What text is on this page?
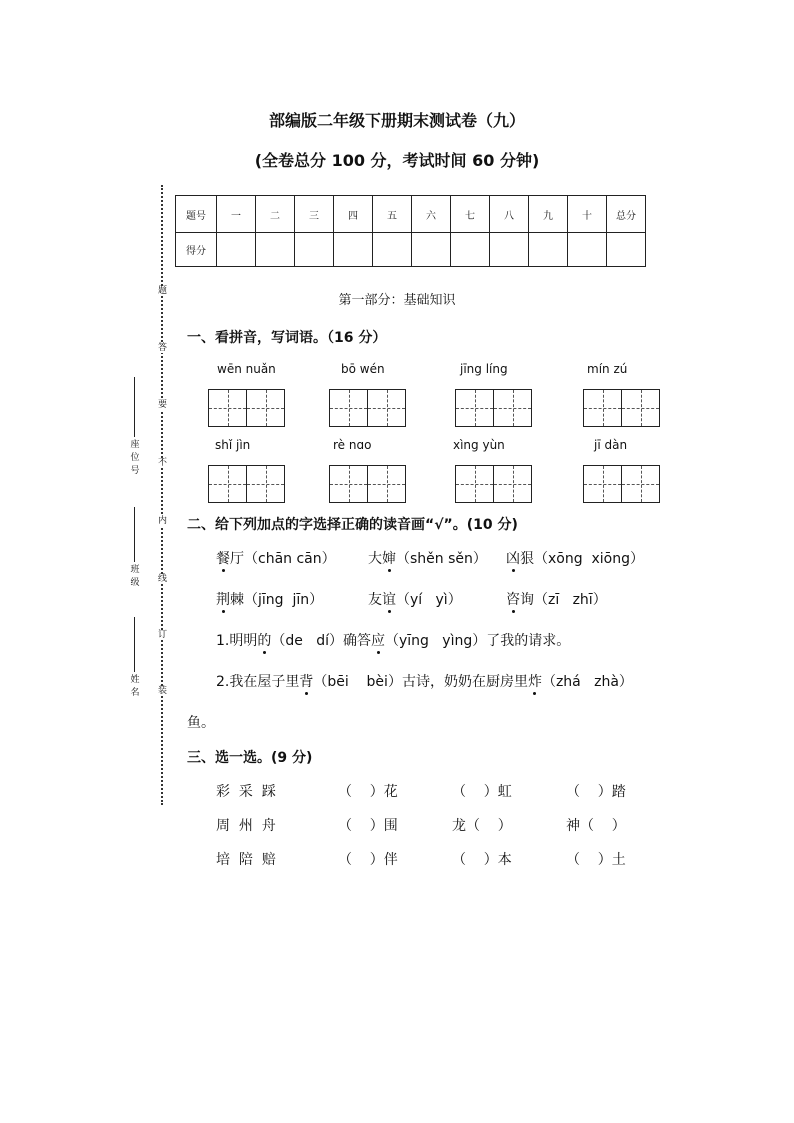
部编版二年级下册期末测试卷（九）
(全卷总分 100 分，考试时间 60 分钟)
题
答
要
不
内
线
订
装
座位号
班级
姓名
题号	一	二	三	四	五	六	七	八	九	十	总分
得分											
第一部分：基础知识
一、看拼音，写词语。（16 分）
wēn nuǎn	bō wén	jīng líng	mín zú
shǐ jìn	rè nɑo	xìng yùn	jī dàn
二、给下列加点的字选择正确的读音画“√”。(10 分)
餐厅（chān cān） 大婶（shěn sěn） 凶狠（xōng  xiōng）
荆棘（jīng  jīn）	友谊（yí   yì）	咨询（zī   zhī）
1.明明的（de   dí）确答应（yīng   yìng）了我的请求。
2.我在屋子里背（bēi    bèi）古诗，奶奶在厨房里炸（zhá   zhà）
鱼。
三、选一选。(9 分)
彩  采  踩	（    ）花	（    ）虹	（    ）踏
周  州  舟	（    ）围	龙（    ）	神（    ）
培  陪  赔	（    ）伴	（    ）本	（    ）土
